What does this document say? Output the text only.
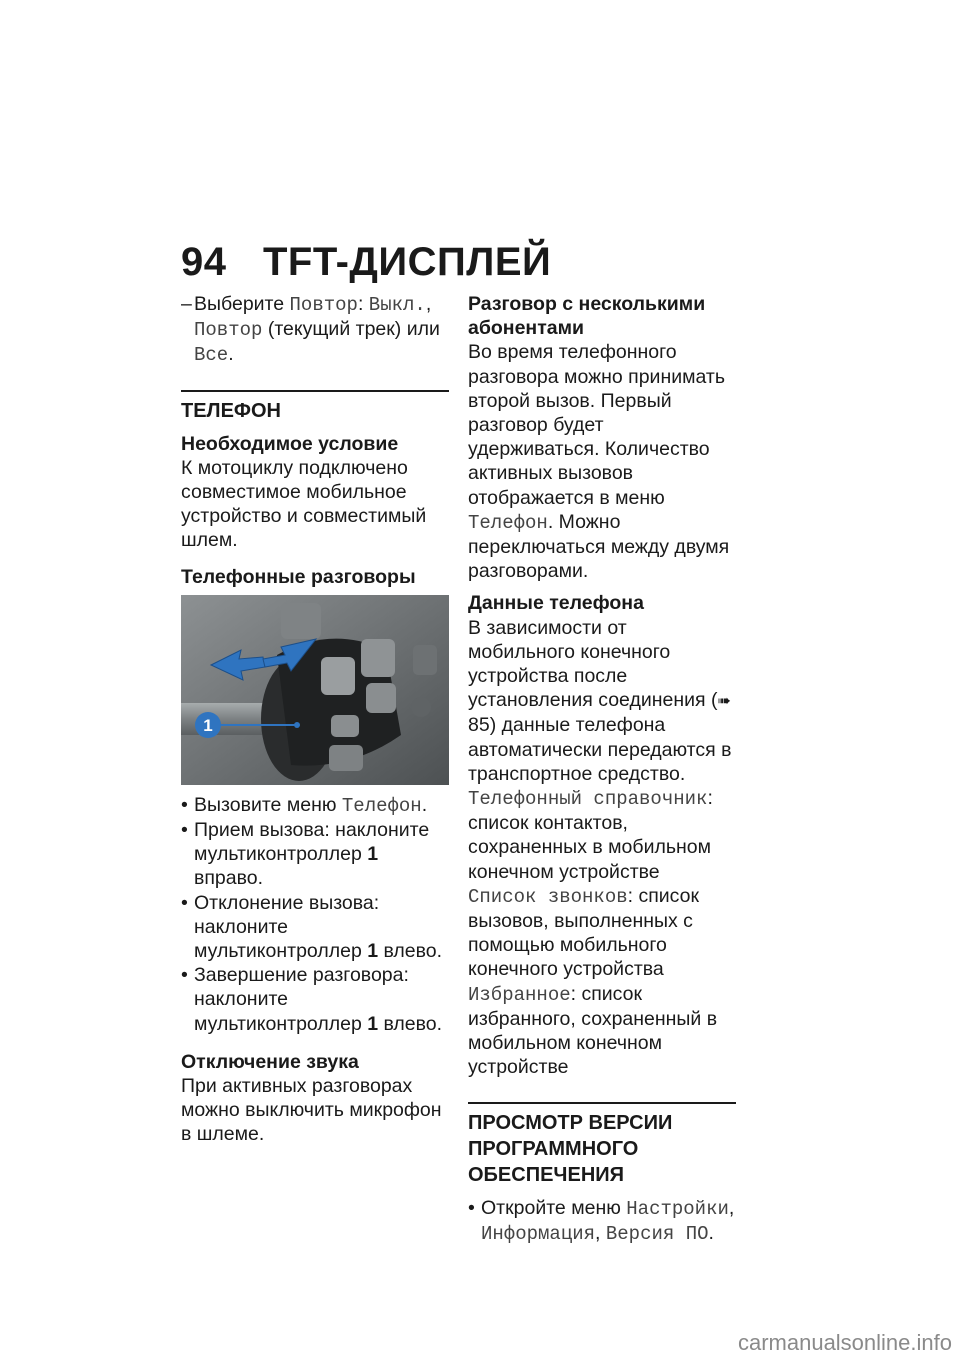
94 TFT-ДИСПЛЕЙ

– Выберите Повтор: Выкл., Повтор (текущий трек) или Все.

ТЕЛЕФОН

Необходимое условие

К мотоциклу подключено совместимое мобильное устройство и совместимый шлем.

Телефонные разговоры

1

• Вызовите меню Телефон.

• Прием вызова: наклоните мультиконтроллер 1 вправо.

• Отклонение вызова: наклоните мультиконтроллер 1 влево.

• Завершение разговора: наклоните мультиконтроллер 1 влево.

Отключение звука

При активных разговорах можно выключить микрофон в шлеме.

Разговор с несколькими абонентами

Во время телефонного разговора можно принимать второй вызов. Первый разговор будет удерживаться. Количество активных вызовов отображается в меню Телефон. Можно переключаться между двумя разговорами.

Данные телефона

В зависимости от мобильного конечного устройства после установления соединения (➠ 85) данные телефона автоматически передаются в транспортное средство.

Телефонный справочник: список контактов, сохраненных в мобильном конечном устройстве

Список звонков: список вызовов, выполненных с помощью мобильного конечного устройства

Избранное: список избранного, сохраненный в мобильном конечном устройстве

ПРОСМОТР ВЕРСИИ ПРОГРАММНОГО ОБЕСПЕЧЕНИЯ

• Откройте меню Настройки, Информация, Версия ПО.

carmanualsonline.info
